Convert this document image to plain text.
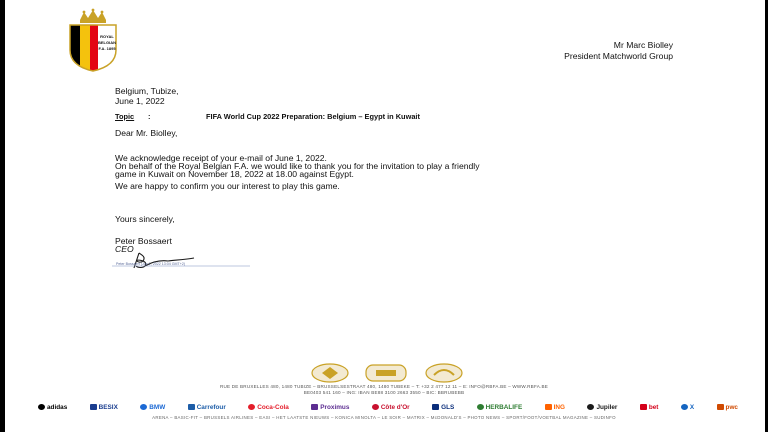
ROYAL
BELGIAN
F.A. 1895	Mr Marc Biolley
President Matchworld Group
Belgium, Tubize,
June 1, 2022
Topic :	FIFA World Cup 2022 Preparation: Belgium – Egypt in Kuwait
Dear Mr. Biolley,
We acknowledge receipt of your e-mail of June 1, 2022.
On behalf of the Royal Belgian F.A. we would like to thank you for the invitation to play a friendly
game in Kuwait on November 18, 2022 at 18.00 against Egypt.
We are happy to confirm you our interest to play this game.
Yours sincerely,
Peter Bossaert
CEO
Peter Bossaert (Jun 1, 2022 13:04 GMT+2)
RUE DE BRUXELLES 480, 1480 TUBIZE – BRUSSELSESTRAAT 480, 1480 TUBEKE – T: +32 2 477 12 11 – E: INFO@RBFA.BE – WWW.RBFA.BE
BE0403 541 160 – ING: IBAN BE88 3100 2663 3550 – BIC: BBRUBEBB
adidas	BESIX	BMW	Carrefour	Coca-Cola	Proximus	Côte d'Or	GLS	HERBALIFE	ING	Jupiler	bet	X	pwc
ARENA – BASIC-FIT – BRUSSELS AIRLINES – EASI – HET LAATSTE NIEUWS – KONICA MINOLTA – LE SOIR – MATRIX – McDONALD'S – PHOTO NEWS – SPORT/FOOT/VOETBAL MAGAZINE – SUDINFO
